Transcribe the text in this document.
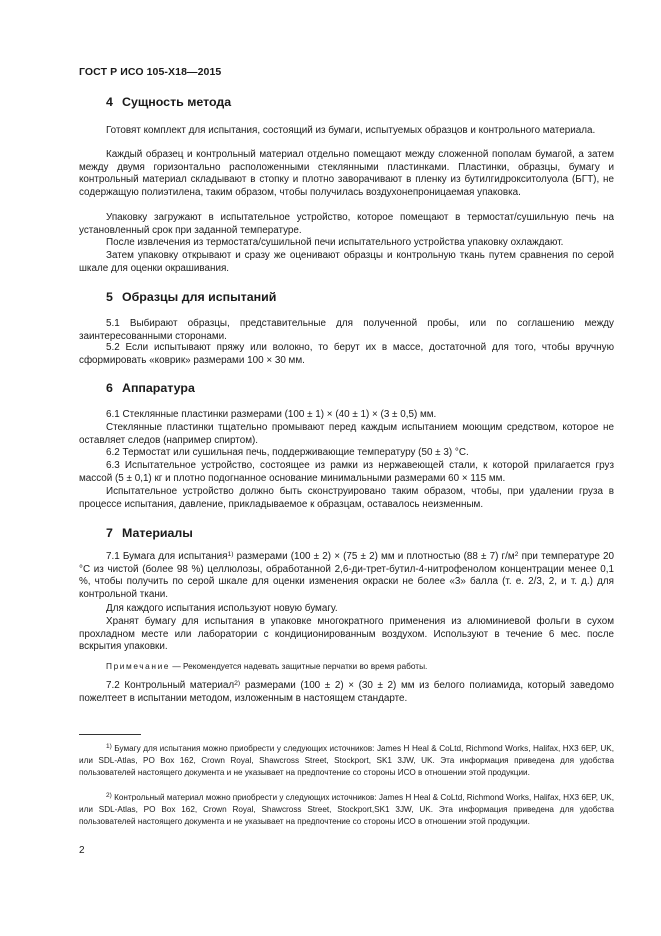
ГОСТ Р ИСО 105-Х18—2015
4 Сущность метода
Готовят комплект для испытания, состоящий из бумаги, испытуемых образцов и контрольного материала.
Каждый образец и контрольный материал отдельно помещают между сложенной пополам бумагой, а затем между двумя горизонтально расположенными стеклянными пластинками. Пластинки, образцы, бумагу и контрольный материал складывают в стопку и плотно заворачивают в пленку из бутилгидрокситолуола (БГТ), не содержащую полиэтилена, таким образом, чтобы получилась воздухонепроницаемая упаковка.
Упаковку загружают в испытательное устройство, которое помещают в термостат/сушильную печь на установленный срок при заданной температуре.
После извлечения из термостата/сушильной печи испытательного устройства упаковку охлаждают.
Затем упаковку открывают и сразу же оценивают образцы и контрольную ткань путем сравнения по серой шкале для оценки окрашивания.
5 Образцы для испытаний
5.1 Выбирают образцы, представительные для полученной пробы, или по соглашению между заинтересованными сторонами.
5.2 Если испытывают пряжу или волокно, то берут их в массе, достаточной для того, чтобы вручную сформировать «коврик» размерами 100 × 30 мм.
6 Аппаратура
6.1 Стеклянные пластинки размерами (100 ± 1) × (40 ± 1) × (3 ± 0,5) мм.
Стеклянные пластинки тщательно промывают перед каждым испытанием моющим средством, которое не оставляет следов (например спиртом).
6.2 Термостат или сушильная печь, поддерживающие температуру (50 ± 3) °С.
6.3 Испытательное устройство, состоящее из рамки из нержавеющей стали, к которой прилагается груз массой (5 ± 0,1) кг и плотно подогнанное основание минимальными размерами 60 × 115 мм.
Испытательное устройство должно быть сконструировано таким образом, чтобы, при удалении груза в процессе испытания, давление, прикладываемое к образцам, оставалось неизменным.
7 Материалы
7.1 Бумага для испытания$^{1)}$ размерами (100 ± 2) × (75 ± 2) мм и плотностью (88 ± 7) $г/м^2$ при температуре 20 °С из чистой (более 98 %) целлюлозы, обработанной 2,6-ди-трет-бутил-4-нитрофенолом концентрации менее 0,1 %, чтобы получить по серой шкале для оценки изменения окраски не более «3» балла (т. е. 2/3, 2, и т. д.) для контрольной ткани.
Для каждого испытания используют новую бумагу.
Хранят бумагу для испытания в упаковке многократного применения из алюминиевой фольги в сухом прохладном месте или лаборатории с кондиционированным воздухом. Используют в течение 6 мес. после вскрытия упаковки.
Примечание — Рекомендуется надевать защитные перчатки во время работы.
7.2 Контрольный материал$^{2)}$ размерами (100 ± 2) × (30 ± 2) мм из белого полиамида, который заведомо пожелтеет в испытании методом, изложенным в настоящем стандарте.
$^{1)}$ Бумагу для испытания можно приобрести у следующих источников: James H Heal & CoLtd, Richmond Works, Halifax, HX3 6EP, UK, или SDL-Atlas, PO Box 162, Crown Royal, Shawcross Street, Stockport, SK1 3JW, UK. Эта информация приведена для удобства пользователей настоящего документа и не указывает на предпочтение со стороны ИСО в отношении этой продукции.
$^{2)}$ Контрольный материал можно приобрести у следующих источников: James H Heal & CoLtd, Richmond Works, Halifax, HX3 6EP, UK, или SDL-Atlas, PO Box 162, Crown Royal, Shawcross Street, Stockport,SK1 3JW, UK. Эта информация приведена для удобства пользователей настоящего документа и не указывает на предпочтение со стороны ИСО в отношении этой продукции.
2
